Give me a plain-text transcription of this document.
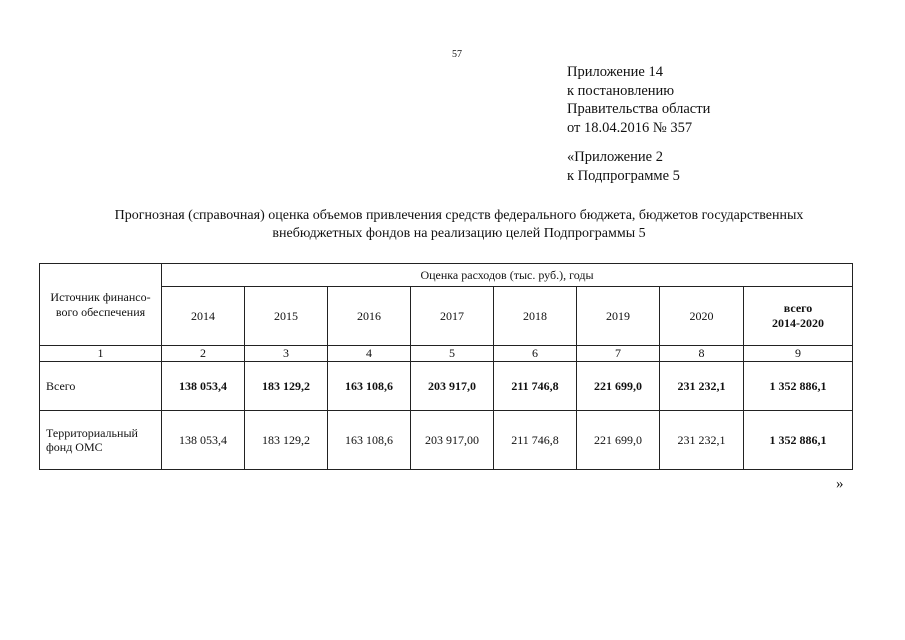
57
Приложение 14
к постановлению
Правительства области
от 18.04.2016 № 357
«Приложение 2
к Подпрограмме 5
Прогнозная (справочная) оценка объемов привлечения средств федерального бюджета, бюджетов государственных
внебюджетных фондов на реализацию целей Подпрограммы 5
Источник финансо-
вого обеспечения	Оценка расходов (тыс. руб.), годы							
	2014	2015	2016	2017	2018	2019	2020	всего
2014-2020

1	2	3	4	5	6	7	8	9

Всего	138 053,4	183 129,2	163 108,6	203 917,0	211 746,8	221 699,0	231 232,1	1 352 886,1

Территориальный
фонд ОМС	138 053,4	183 129,2	163 108,6	203 917,00	211 746,8	221 699,0	231 232,1	1 352 886,1
»
